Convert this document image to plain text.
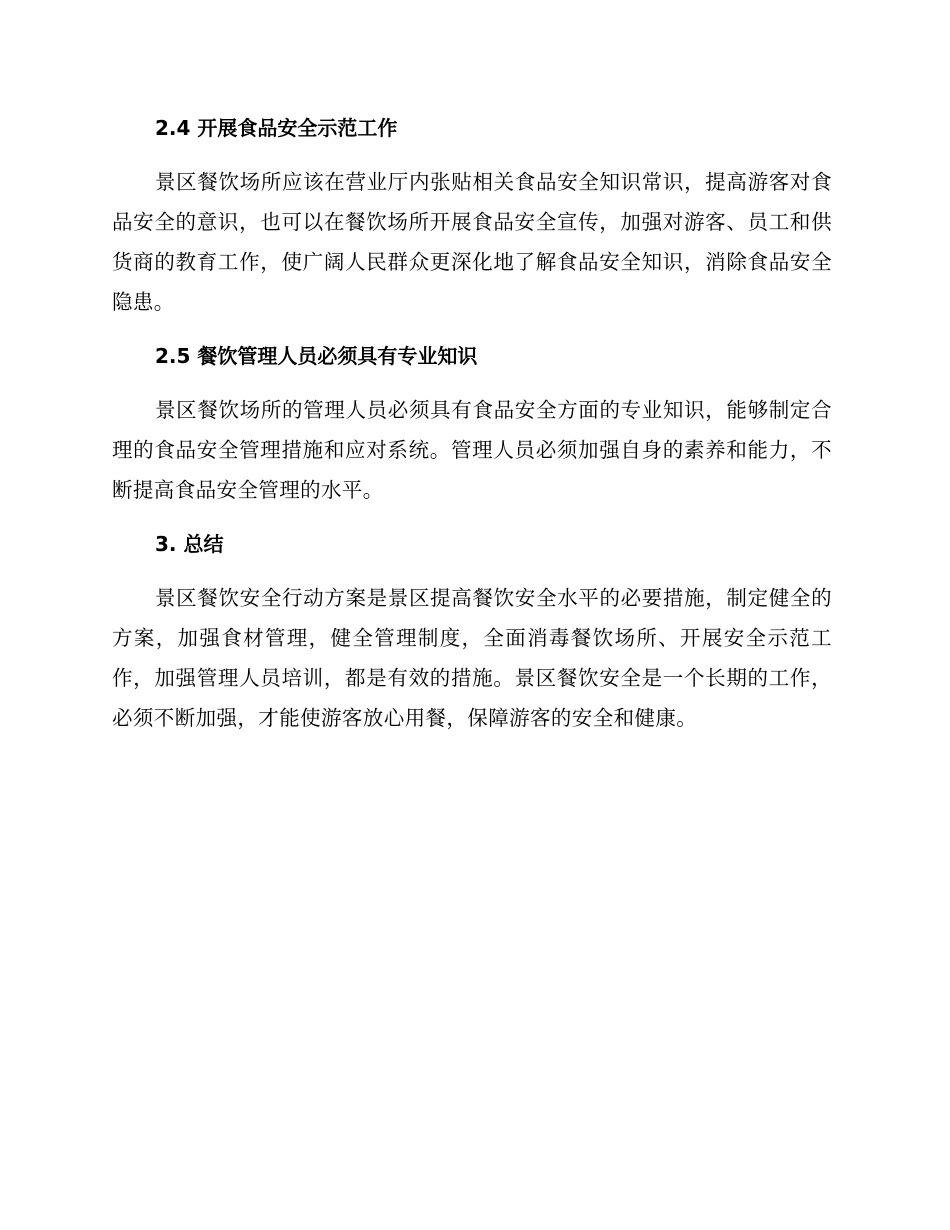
2.4 开展食品安全示范工作

景区餐饮场所应该在营业厅内张贴相关食品安全知识常识，提高游客对食品安全的意识，也可以在餐饮场所开展食品安全宣传，加强对游客、员工和供货商的教育工作，使广阔人民群众更深化地了解食品安全知识，消除食品安全隐患。

2.5 餐饮管理人员必须具有专业知识

景区餐饮场所的管理人员必须具有食品安全方面的专业知识，能够制定合理的食品安全管理措施和应对系统。管理人员必须加强自身的素养和能力，不断提高食品安全管理的水平。

3. 总结

景区餐饮安全行动方案是景区提高餐饮安全水平的必要措施，制定健全的方案，加强食材管理，健全管理制度，全面消毒餐饮场所、开展安全示范工作，加强管理人员培训，都是有效的措施。景区餐饮安全是一个长期的工作，必须不断加强，才能使游客放心用餐，保障游客的安全和健康。
